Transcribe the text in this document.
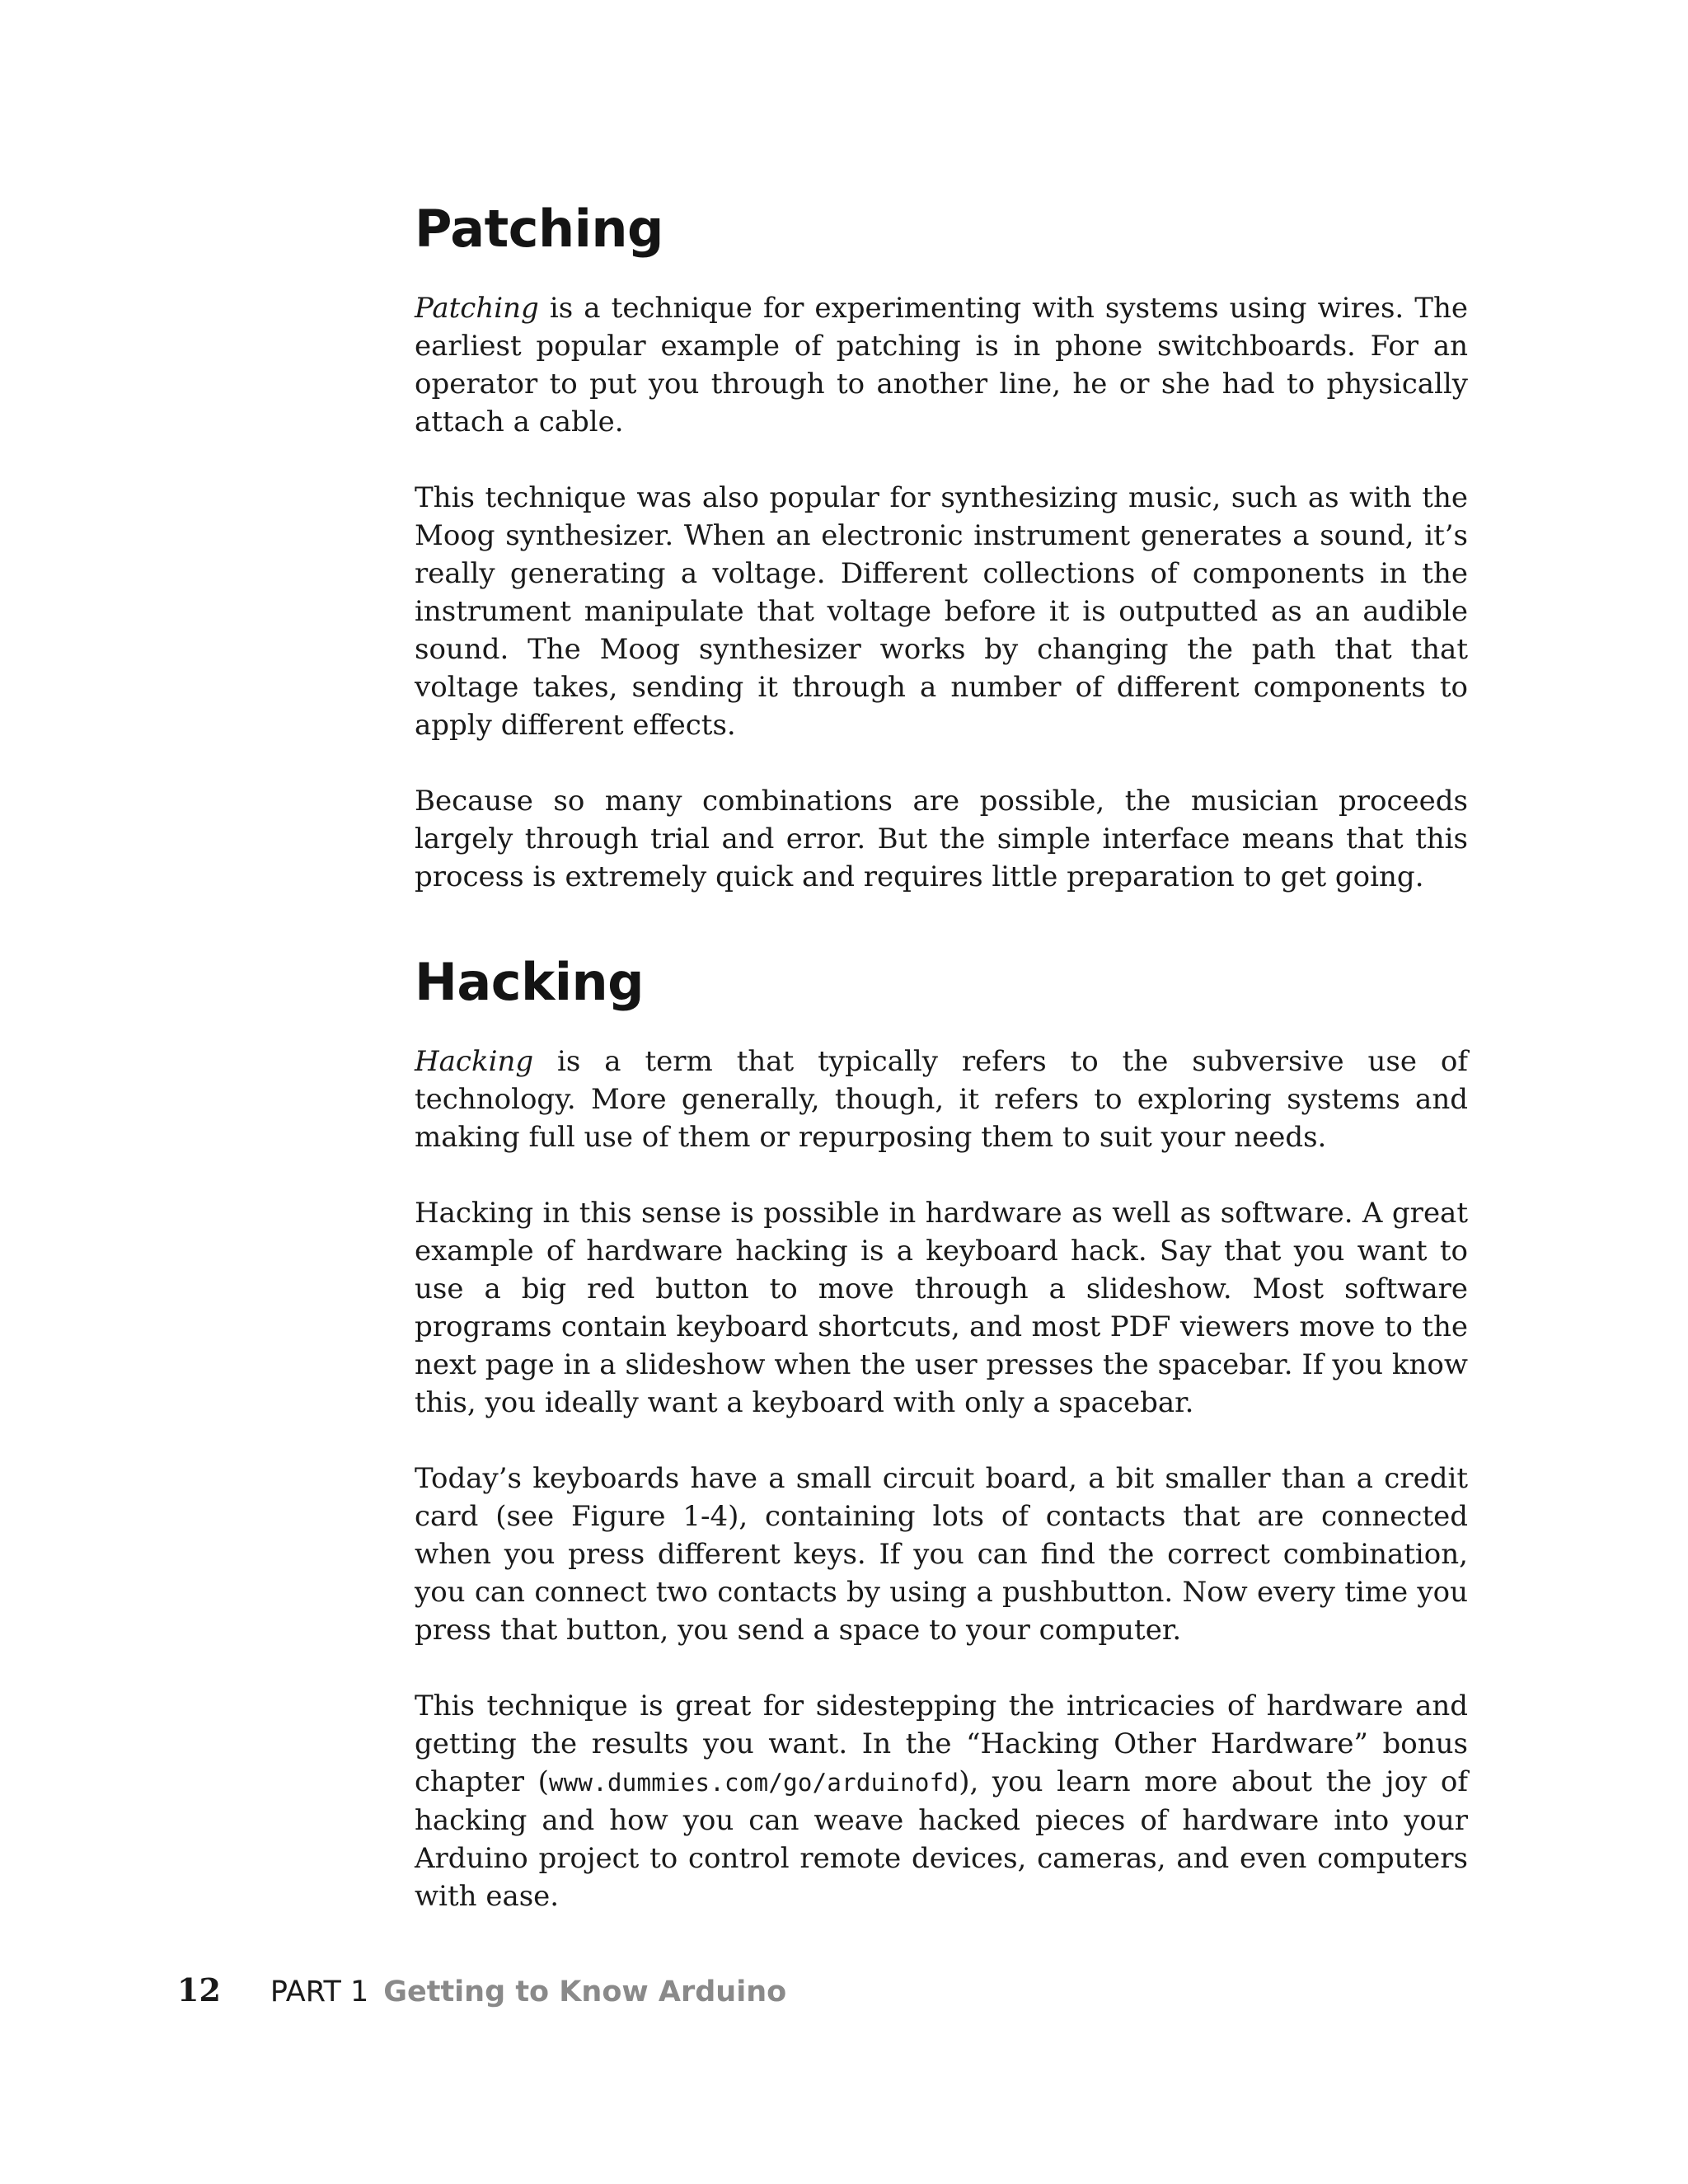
Patching

Patching is a technique for experimenting with systems using wires. The earliest popular example of patching is in phone switchboards. For an operator to put you through to another line, he or she had to physically attach a cable.

This technique was also popular for synthesizing music, such as with the Moog synthesizer. When an electronic instrument generates a sound, it’s really generating a voltage. Different collections of components in the instrument manipulate that voltage before it is outputted as an audible sound. The Moog synthesizer works by changing the path that that voltage takes, sending it through a number of different components to apply different effects.

Because so many combinations are possible, the musician proceeds largely through trial and error. But the simple interface means that this process is extremely quick and requires little preparation to get going.

Hacking

Hacking is a term that typically refers to the subversive use of technology. More generally, though, it refers to exploring systems and making full use of them or repurposing them to suit your needs.

Hacking in this sense is possible in hardware as well as software. A great example of hardware hacking is a keyboard hack. Say that you want to use a big red button to move through a slideshow. Most software programs contain keyboard shortcuts, and most PDF viewers move to the next page in a slideshow when the user presses the spacebar. If you know this, you ideally want a keyboard with only a spacebar.

Today’s keyboards have a small circuit board, a bit smaller than a credit card (see Figure 1-4), containing lots of contacts that are connected when you press different keys. If you can find the correct combination, you can connect two contacts by using a pushbutton. Now every time you press that button, you send a space to your computer.

This technique is great for sidestepping the intricacies of hardware and getting the results you want. In the “Hacking Other Hardware” bonus chapter (www.dummies.com/go/arduinofd), you learn more about the joy of hacking and how you can weave hacked pieces of hardware into your Arduino project to control remote devices, cameras, and even computers with ease.

12 PART 1 Getting to Know Arduino
